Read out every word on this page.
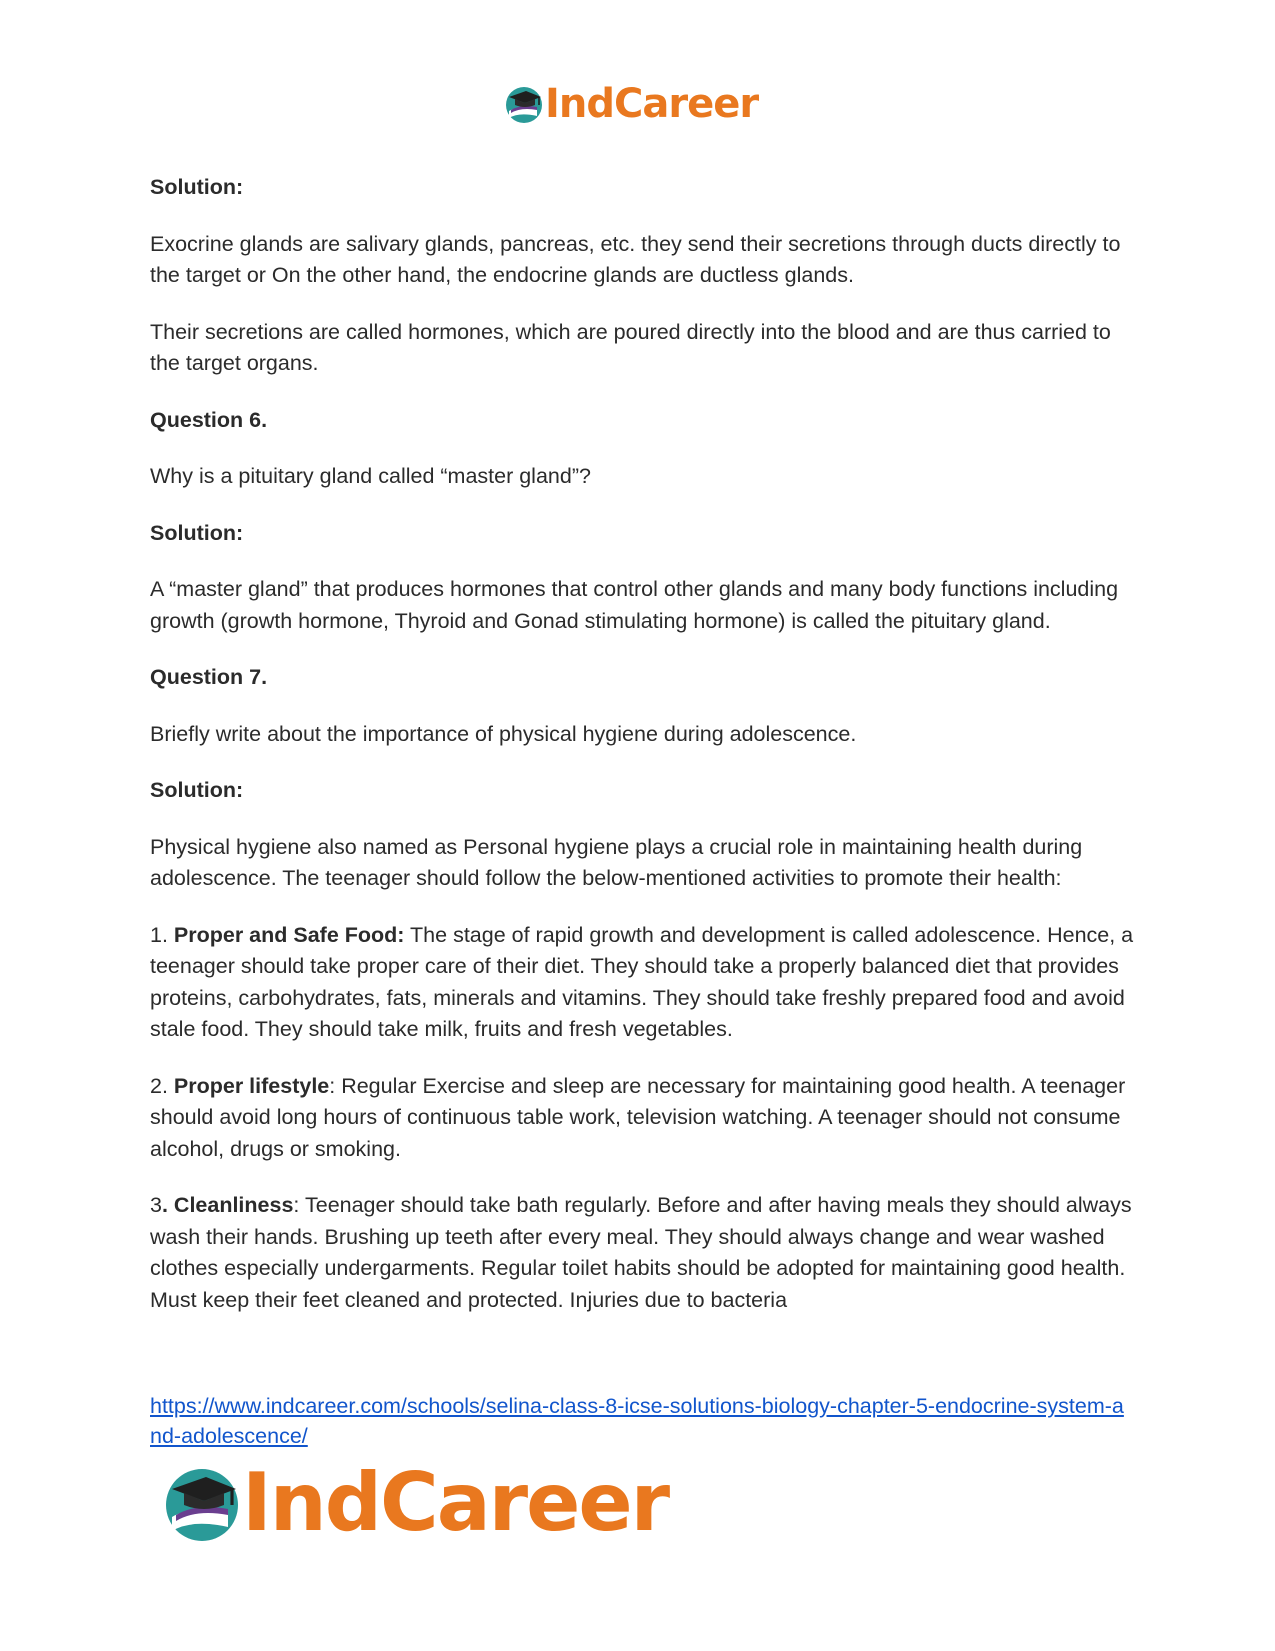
IndCareer

Solution:

Exocrine glands are salivary glands, pancreas, etc. they send their secretions through ducts directly to the target or On the other hand, the endocrine glands are ductless glands.

Their secretions are called hormones, which are poured directly into the blood and are thus carried to the target organs.

Question 6.

Why is a pituitary gland called “master gland”?

Solution:

A “master gland” that produces hormones that control other glands and many body functions including growth (growth hormone, Thyroid and Gonad stimulating hormone) is called the pituitary gland.

Question 7.

Briefly write about the importance of physical hygiene during adolescence.

Solution:

Physical hygiene also named as Personal hygiene plays a crucial role in maintaining health during adolescence. The teenager should follow the below-mentioned activities to promote their health:

1. Proper and Safe Food: The stage of rapid growth and development is called adolescence. Hence, a teenager should take proper care of their diet. They should take a properly balanced diet that provides proteins, carbohydrates, fats, minerals and vitamins. They should take freshly prepared food and avoid stale food. They should take milk, fruits and fresh vegetables.

2. Proper lifestyle: Regular Exercise and sleep are necessary for maintaining good health. A teenager should avoid long hours of continuous table work, television watching. A teenager should not consume alcohol, drugs or smoking.

3. Cleanliness: Teenager should take bath regularly. Before and after having meals they should always wash their hands. Brushing up teeth after every meal. They should always change and wear washed clothes especially undergarments. Regular toilet habits should be adopted for maintaining good health. Must keep their feet cleaned and protected. Injuries due to bacteria

https://www.indcareer.com/schools/selina-class-8-icse-solutions-biology-chapter-5-endocrine-system-and-adolescence/
IndCareer
